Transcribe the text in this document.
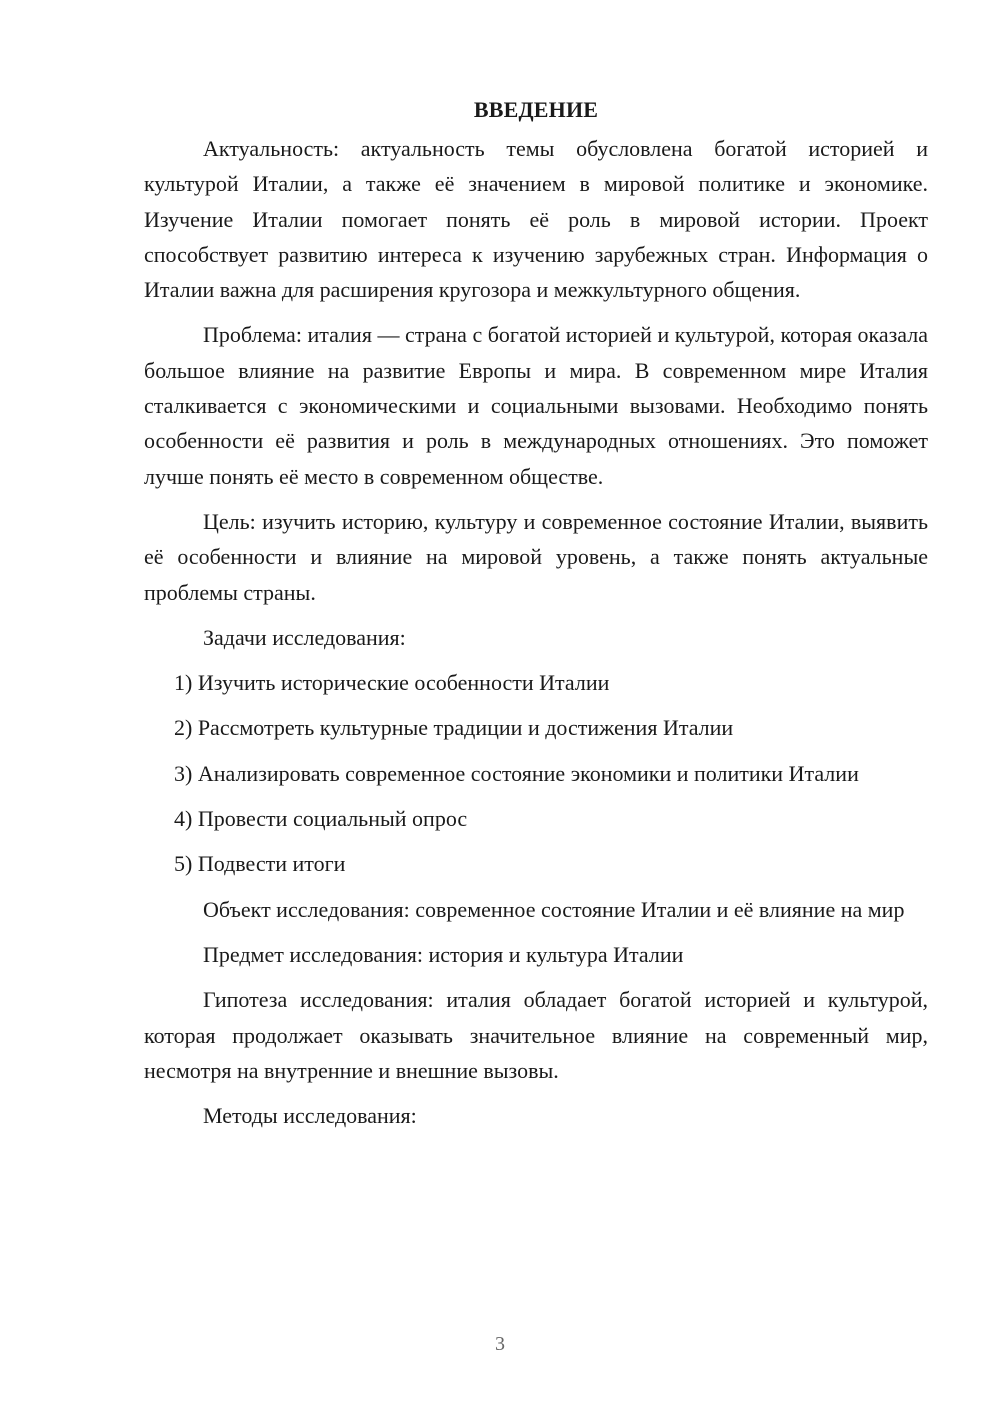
ВВЕДЕНИЕ

Актуальность: актуальность темы обусловлена богатой историей и культурой Италии, а также её значением в мировой политике и экономике. Изучение Италии помогает понять её роль в мировой истории. Проект способствует развитию интереса к изучению зарубежных стран. Информация о Италии важна для расширения кругозора и межкультурного общения.

Проблема: италия — страна с богатой историей и культурой, которая оказала большое влияние на развитие Европы и мира. В современном мире Италия сталкивается с экономическими и социальными вызовами. Необходимо понять особенности её развития и роль в международных отношениях. Это поможет лучше понять её место в современном обществе.

Цель: изучить историю, культуру и современное состояние Италии, выявить её особенности и влияние на мировой уровень, а также понять актуальные проблемы страны.

Задачи исследования:

1) Изучить исторические особенности Италии

2) Рассмотреть культурные традиции и достижения Италии

3) Анализировать современное состояние экономики и политики Италии

4) Провести социальный опрос

5) Подвести итоги

Объект исследования: современное состояние Италии и её влияние на мир

Предмет исследования: история и культура Италии

Гипотеза исследования: италия обладает богатой историей и культурой, которая продолжает оказывать значительное влияние на современный мир, несмотря на внутренние и внешние вызовы.

Методы исследования:

3
